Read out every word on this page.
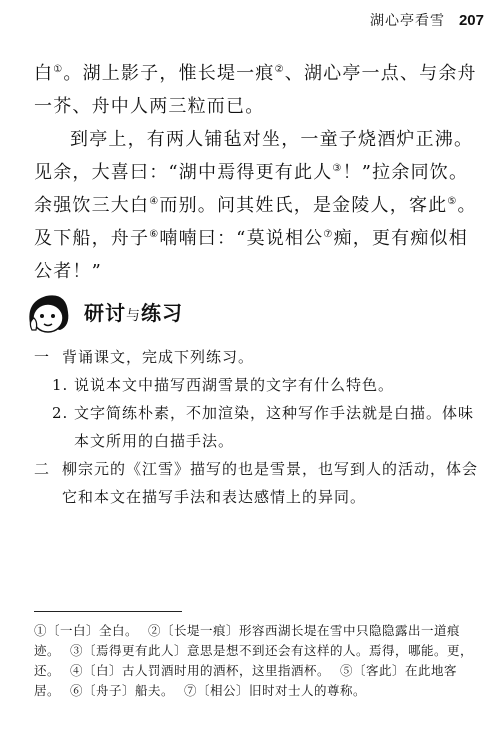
湖心亭看雪 207

白①。湖上影子，惟长堤一痕②、湖心亭一点、与余舟一芥、舟中人两三粒而已。

到亭上，有两人铺毡对坐，一童子烧酒炉正沸。见余，大喜曰：“湖中焉得更有此人③！”拉余同饮。余强饮三大白④而别。问其姓氏，是金陵人，客此⑤。及下船，舟子⑥喃喃曰：“莫说相公⑦痴，更有痴似相公者！”

研讨与练习
一 背诵课文，完成下列练习。
1. 说说本文中描写西湖雪景的文字有什么特色。
2. 文字简练朴素，不加渲染，这种写作手法就是白描。体味本文所用的白描手法。
二 柳宗元的《江雪》描写的也是雪景，也写到人的活动，体会它和本文在描写手法和表达感情上的异同。
①〔一白〕全白。 ②〔长堤一痕〕形容西湖长堤在雪中只隐隐露出一道痕迹。 ③〔焉得更有此人〕意思是想不到还会有这样的人。焉得，哪能。更，还。 ④〔白〕古人罚酒时用的酒杯，这里指酒杯。 ⑤〔客此〕在此地客居。 ⑥〔舟子〕船夫。 ⑦〔相公〕旧时对士人的尊称。
